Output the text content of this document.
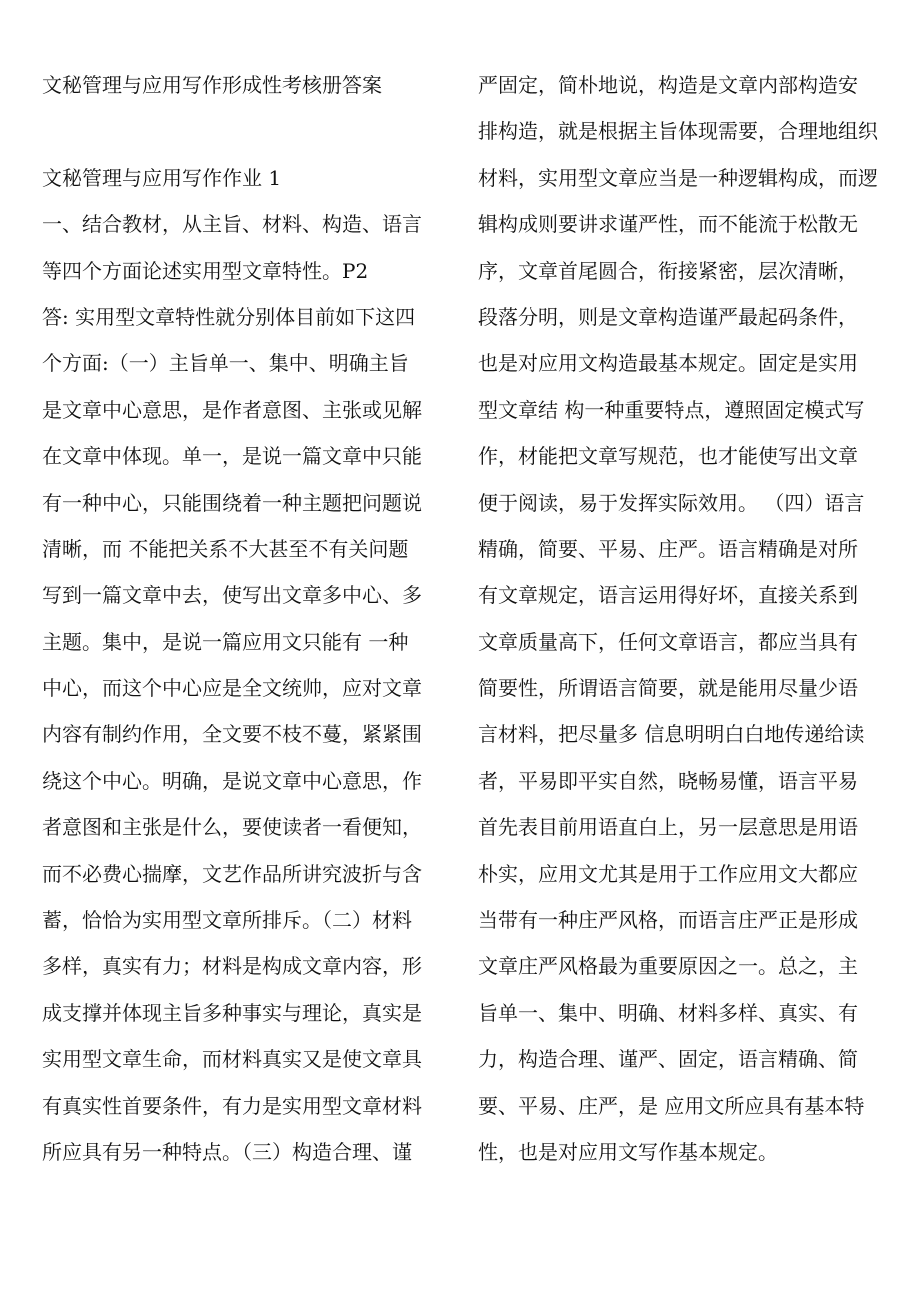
文秘管理与应用写作形成性考核册答案
文秘管理与应用写作作业 1
一、结合教材，从主旨、材料、构造、语言
等四个方面论述实用型文章特性。P2
答: 实用型文章特性就分别体目前如下这四
个方面:（一）主旨单一、集中、明确主旨
是文章中心意思，是作者意图、主张或见解
在文章中体现。单一，是说一篇文章中只能
有一种中心，只能围绕着一种主题把问题说
清晰，而 不能把关系不大甚至不有关问题
写到一篇文章中去，使写出文章多中心、多
主题。集中，是说一篇应用文只能有 一种
中心，而这个中心应是全文统帅，应对文章
内容有制约作用，全文要不枝不蔓，紧紧围
绕这个中心。明确，是说文章中心意思，作
者意图和主张是什么，要使读者一看便知，
而不必费心揣摩，文艺作品所讲究波折与含
蓄，恰恰为实用型文章所排斥。（二）材料
多样，真实有力；材料是构成文章内容，形
成支撑并体现主旨多种事实与理论，真实是
实用型文章生命，而材料真实又是使文章具
有真实性首要条件，有力是实用型文章材料
所应具有另一种特点。（三）构造合理、谨
严固定，简朴地说，构造是文章内部构造安
排构造，就是根据主旨体现需要，合理地组织
材料，实用型文章应当是一种逻辑构成，而逻
辑构成则要讲求谨严性，而不能流于松散无
序，文章首尾圆合，衔接紧密，层次清晰，
段落分明，则是文章构造谨严最起码条件，
也是对应用文构造最基本规定。固定是实用
型文章结 构一种重要特点，遵照固定模式写
作，材能把文章写规范，也才能使写出文章
便于阅读，易于发挥实际效用。 （四）语言
精确，简要、平易、庄严。语言精确是对所
有文章规定，语言运用得好坏，直接关系到
文章质量高下，任何文章语言，都应当具有
简要性，所谓语言简要，就是能用尽量少语
言材料，把尽量多 信息明明白白地传递给读
者，平易即平实自然，晓畅易懂，语言平易
首先表目前用语直白上，另一层意思是用语
朴实，应用文尤其是用于工作应用文大都应
当带有一种庄严风格，而语言庄严正是形成
文章庄严风格最为重要原因之一。总之，主
旨单一、集中、明确、材料多样、真实、有
力，构造合理、谨严、固定，语言精确、简
要、平易、庄严，是 应用文所应具有基本特
性，也是对应用文写作基本规定。
